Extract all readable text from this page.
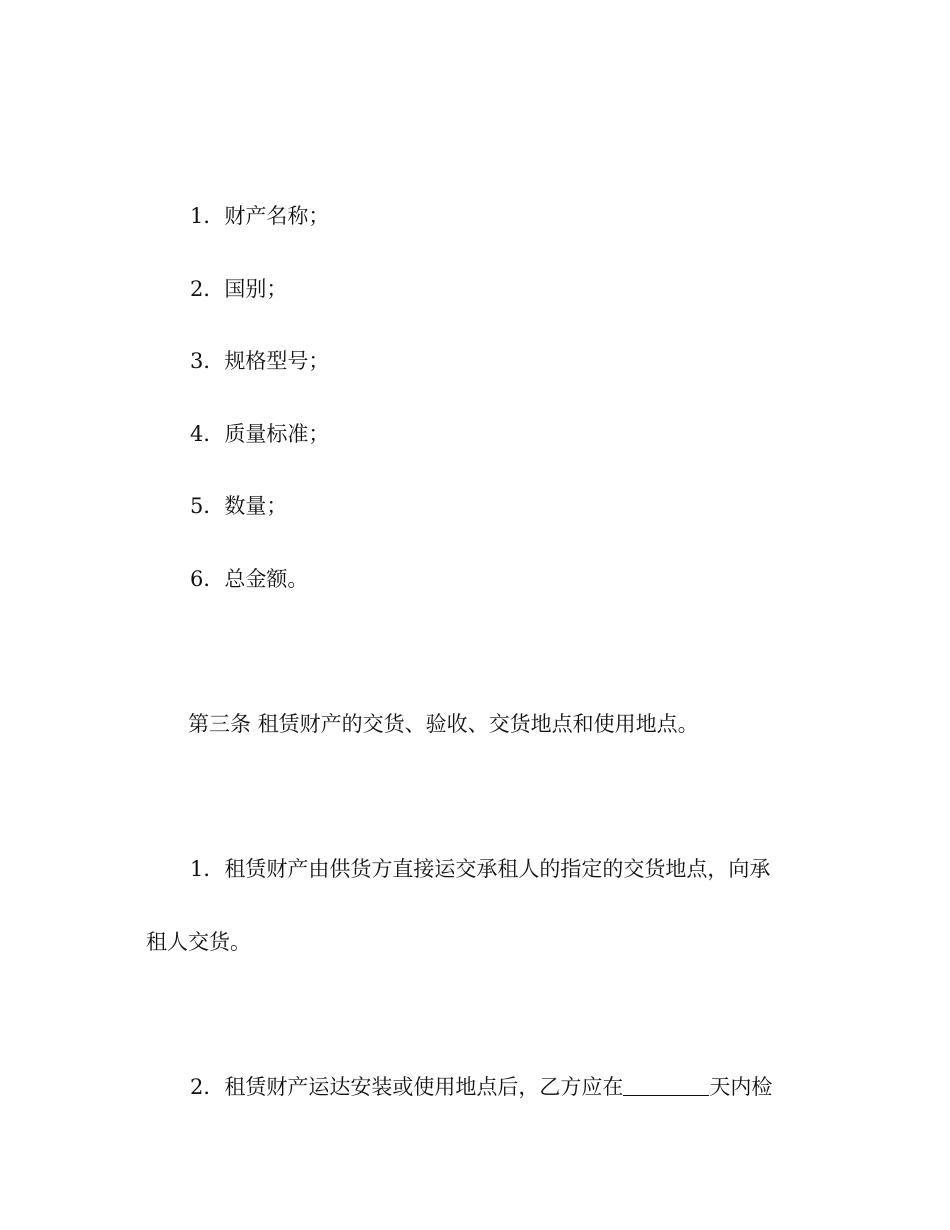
1．财产名称；
2．国别；
3．规格型号；
4．质量标准；
5．数量；
6．总金额。
第三条 租赁财产的交货、验收、交货地点和使用地点。
1．租赁财产由供货方直接运交承租人的指定的交货地点，向承
租人交货。
2．租赁财产运达安装或使用地点后，乙方应在	天内检
